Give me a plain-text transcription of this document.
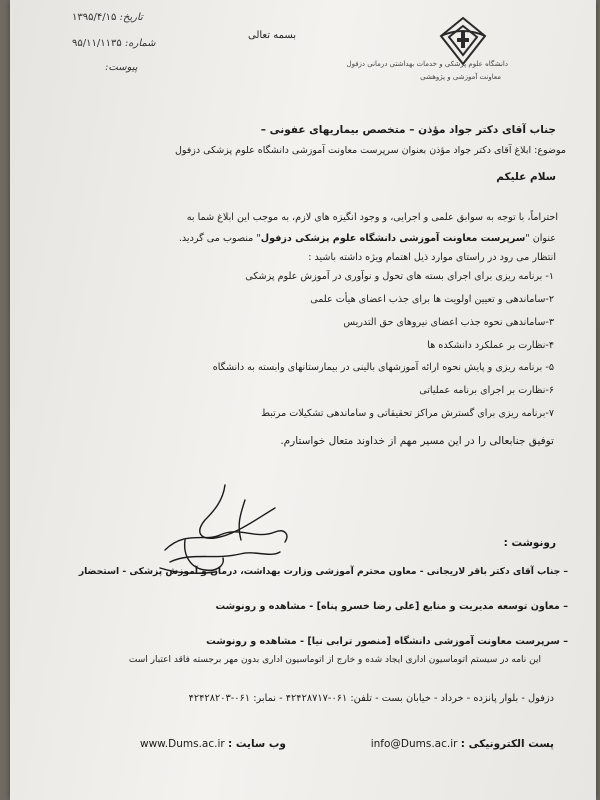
دانشگاه علوم پزشکی و خدمات بهداشتی درمانی دزفول
معاونت آموزشی و پژوهشی
بسمه تعالی
تاریخ: ۱۳۹۵/۴/۱۵
شماره: ۹۵/۱۱/۱۱۳۵
پیوست:
جناب آقای دکتر جواد مؤذن – متخصص بیماریهای عفونی –
موضوع: ابلاغ آقای دکتر جواد مؤذن بعنوان سرپرست معاونت آموزشی دانشگاه علوم پزشکی دزفول
سلام علیکم
احتراماً، با توجه به سوابق علمی و اجرایی، و وجود انگیزه های لازم، به موجب این ابلاغ شما به
عنوان "سرپرست معاونت آموزشی دانشگاه علوم پزشکی دزفول" منصوب می گردید.
انتظار می رود در راستای موارد ذیل اهتمام ویژه داشته باشید :
۱- برنامه ریزی برای اجرای بسته های تحول و نوآوری در آموزش علوم پزشکی
۲-ساماندهی و تعیین اولویت ها برای جذب اعضای هیأت علمی
۳-ساماندهی نحوه جذب اعضای نیروهای حق التدریس
۴-نظارت بر عملکرد دانشکده ها
۵- برنامه ریزی و پایش نحوه ارائه آموزشهای بالینی در بیمارستانهای وابسته به دانشگاه
۶-نظارت بر اجرای برنامه عملیاتی
۷-برنامه ریزی برای گسترش مراکز تحقیقاتی و ساماندهی تشکیلات مرتبط
توفیق جنابعالی را در این مسیر مهم از خداوند متعال خواستارم.
رونوشت :
– جناب آقای دکتر باقر لاریجانی - معاون محترم آموزشی وزارت بهداشت، درمان و آموزش پزشکی - استحضار
– معاون توسعه مدیریت و منابع [علی رضا خسرو پناه] - مشاهده و رونوشت
– سرپرست معاونت آموزشی دانشگاه [منصور ترابی نیا] - مشاهده و رونوشت
این نامه در سیستم اتوماسیون اداری ایجاد شده و خارج از اتوماسیون اداری بدون مهر برجسته فاقد اعتبار است
دزفول - بلوار پانزده - خرداد - خیابان بست - تلفن: ۰۶۱-۴۲۴۲۸۷۱۷ - نمابر: ۰۶۱-۴۲۴۲۸۲۰۳
پست الکترونیکی : info@Dums.ac.ir
وب سایت : www.Dums.ac.ir
